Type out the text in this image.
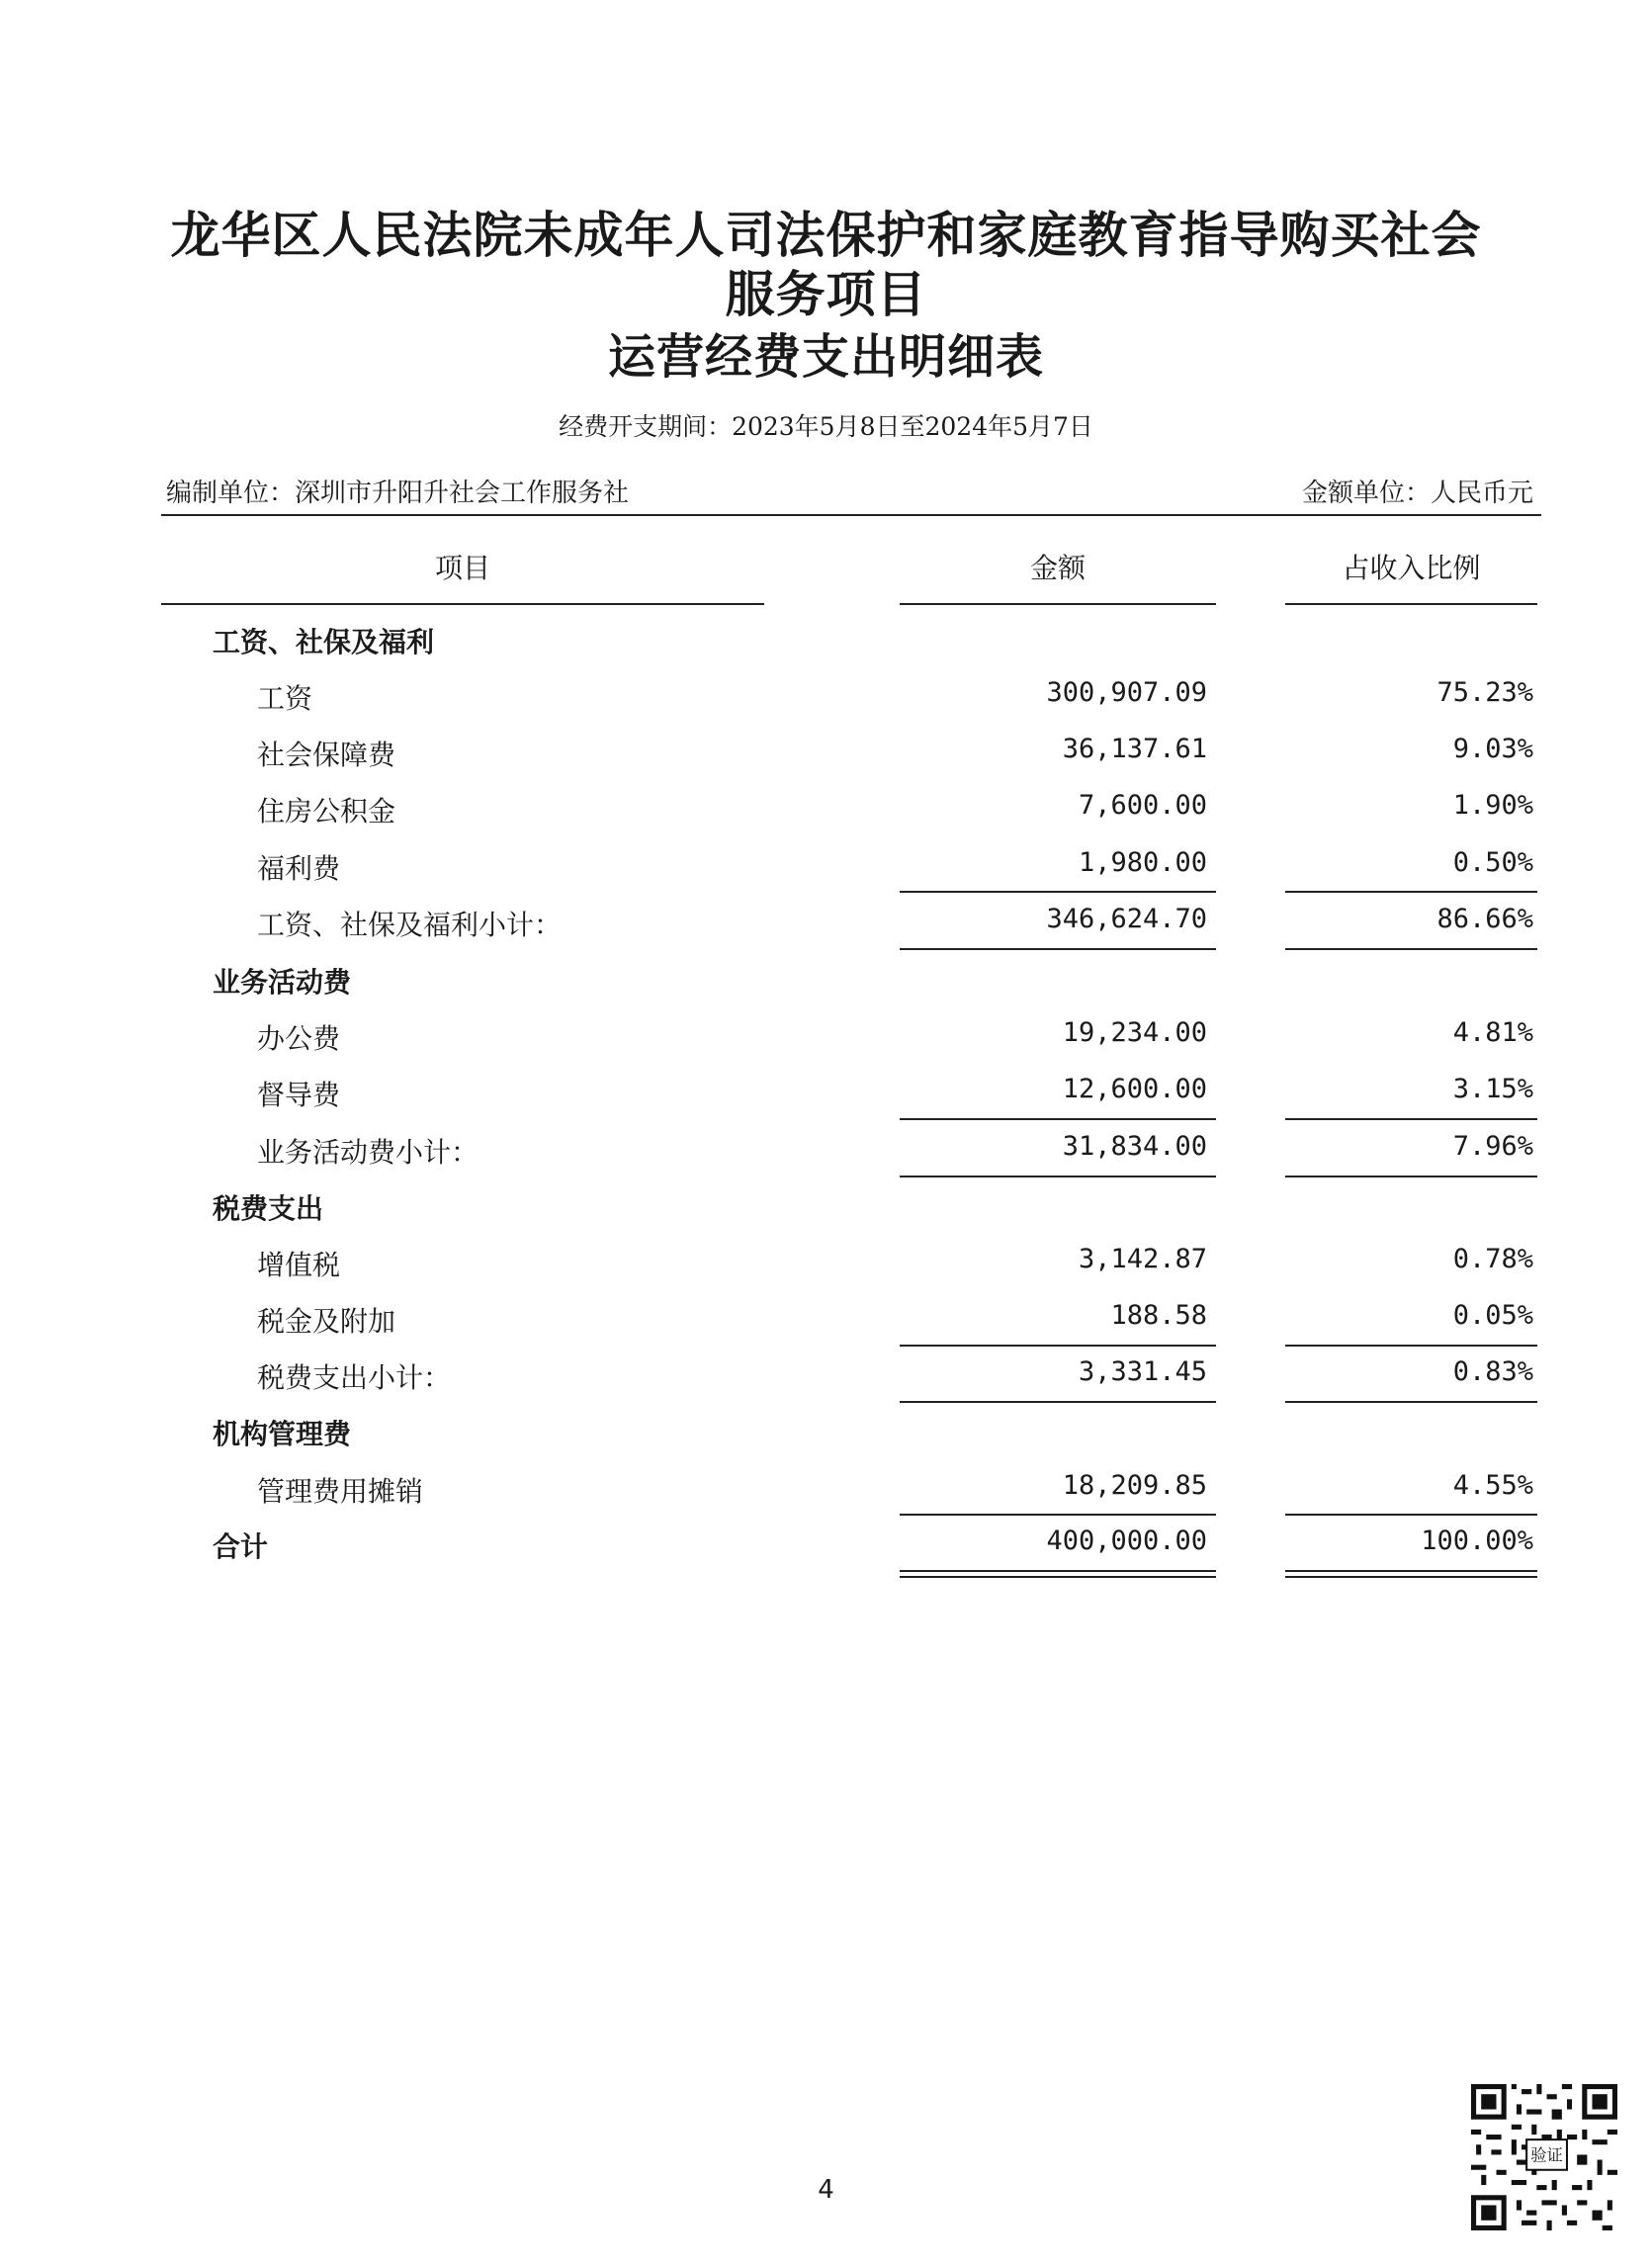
龙华区人民法院未成年人司法保护和家庭教育指导购买社会
服务项目
运营经费支出明细表
经费开支期间：2023年5月8日至2024年5月7日
编制单位：深圳市升阳升社会工作服务社	金额单位：人民币元
项目	金额	占收入比例
工资、社保及福利
工资	300,907.09	75.23%
社会保障费	36,137.61	9.03%
住房公积金	7,600.00	1.90%
福利费	1,980.00	0.50%
工资、社保及福利小计：	346,624.70	86.66%
业务活动费
办公费	19,234.00	4.81%
督导费	12,600.00	3.15%
业务活动费小计：	31,834.00	7.96%
税费支出
增值税	3,142.87	0.78%
税金及附加	188.58	0.05%
税费支出小计：	3,331.45	0.83%
机构管理费
管理费用摊销	18,209.85	4.55%
合计	400,000.00	100.00%
4
验证
